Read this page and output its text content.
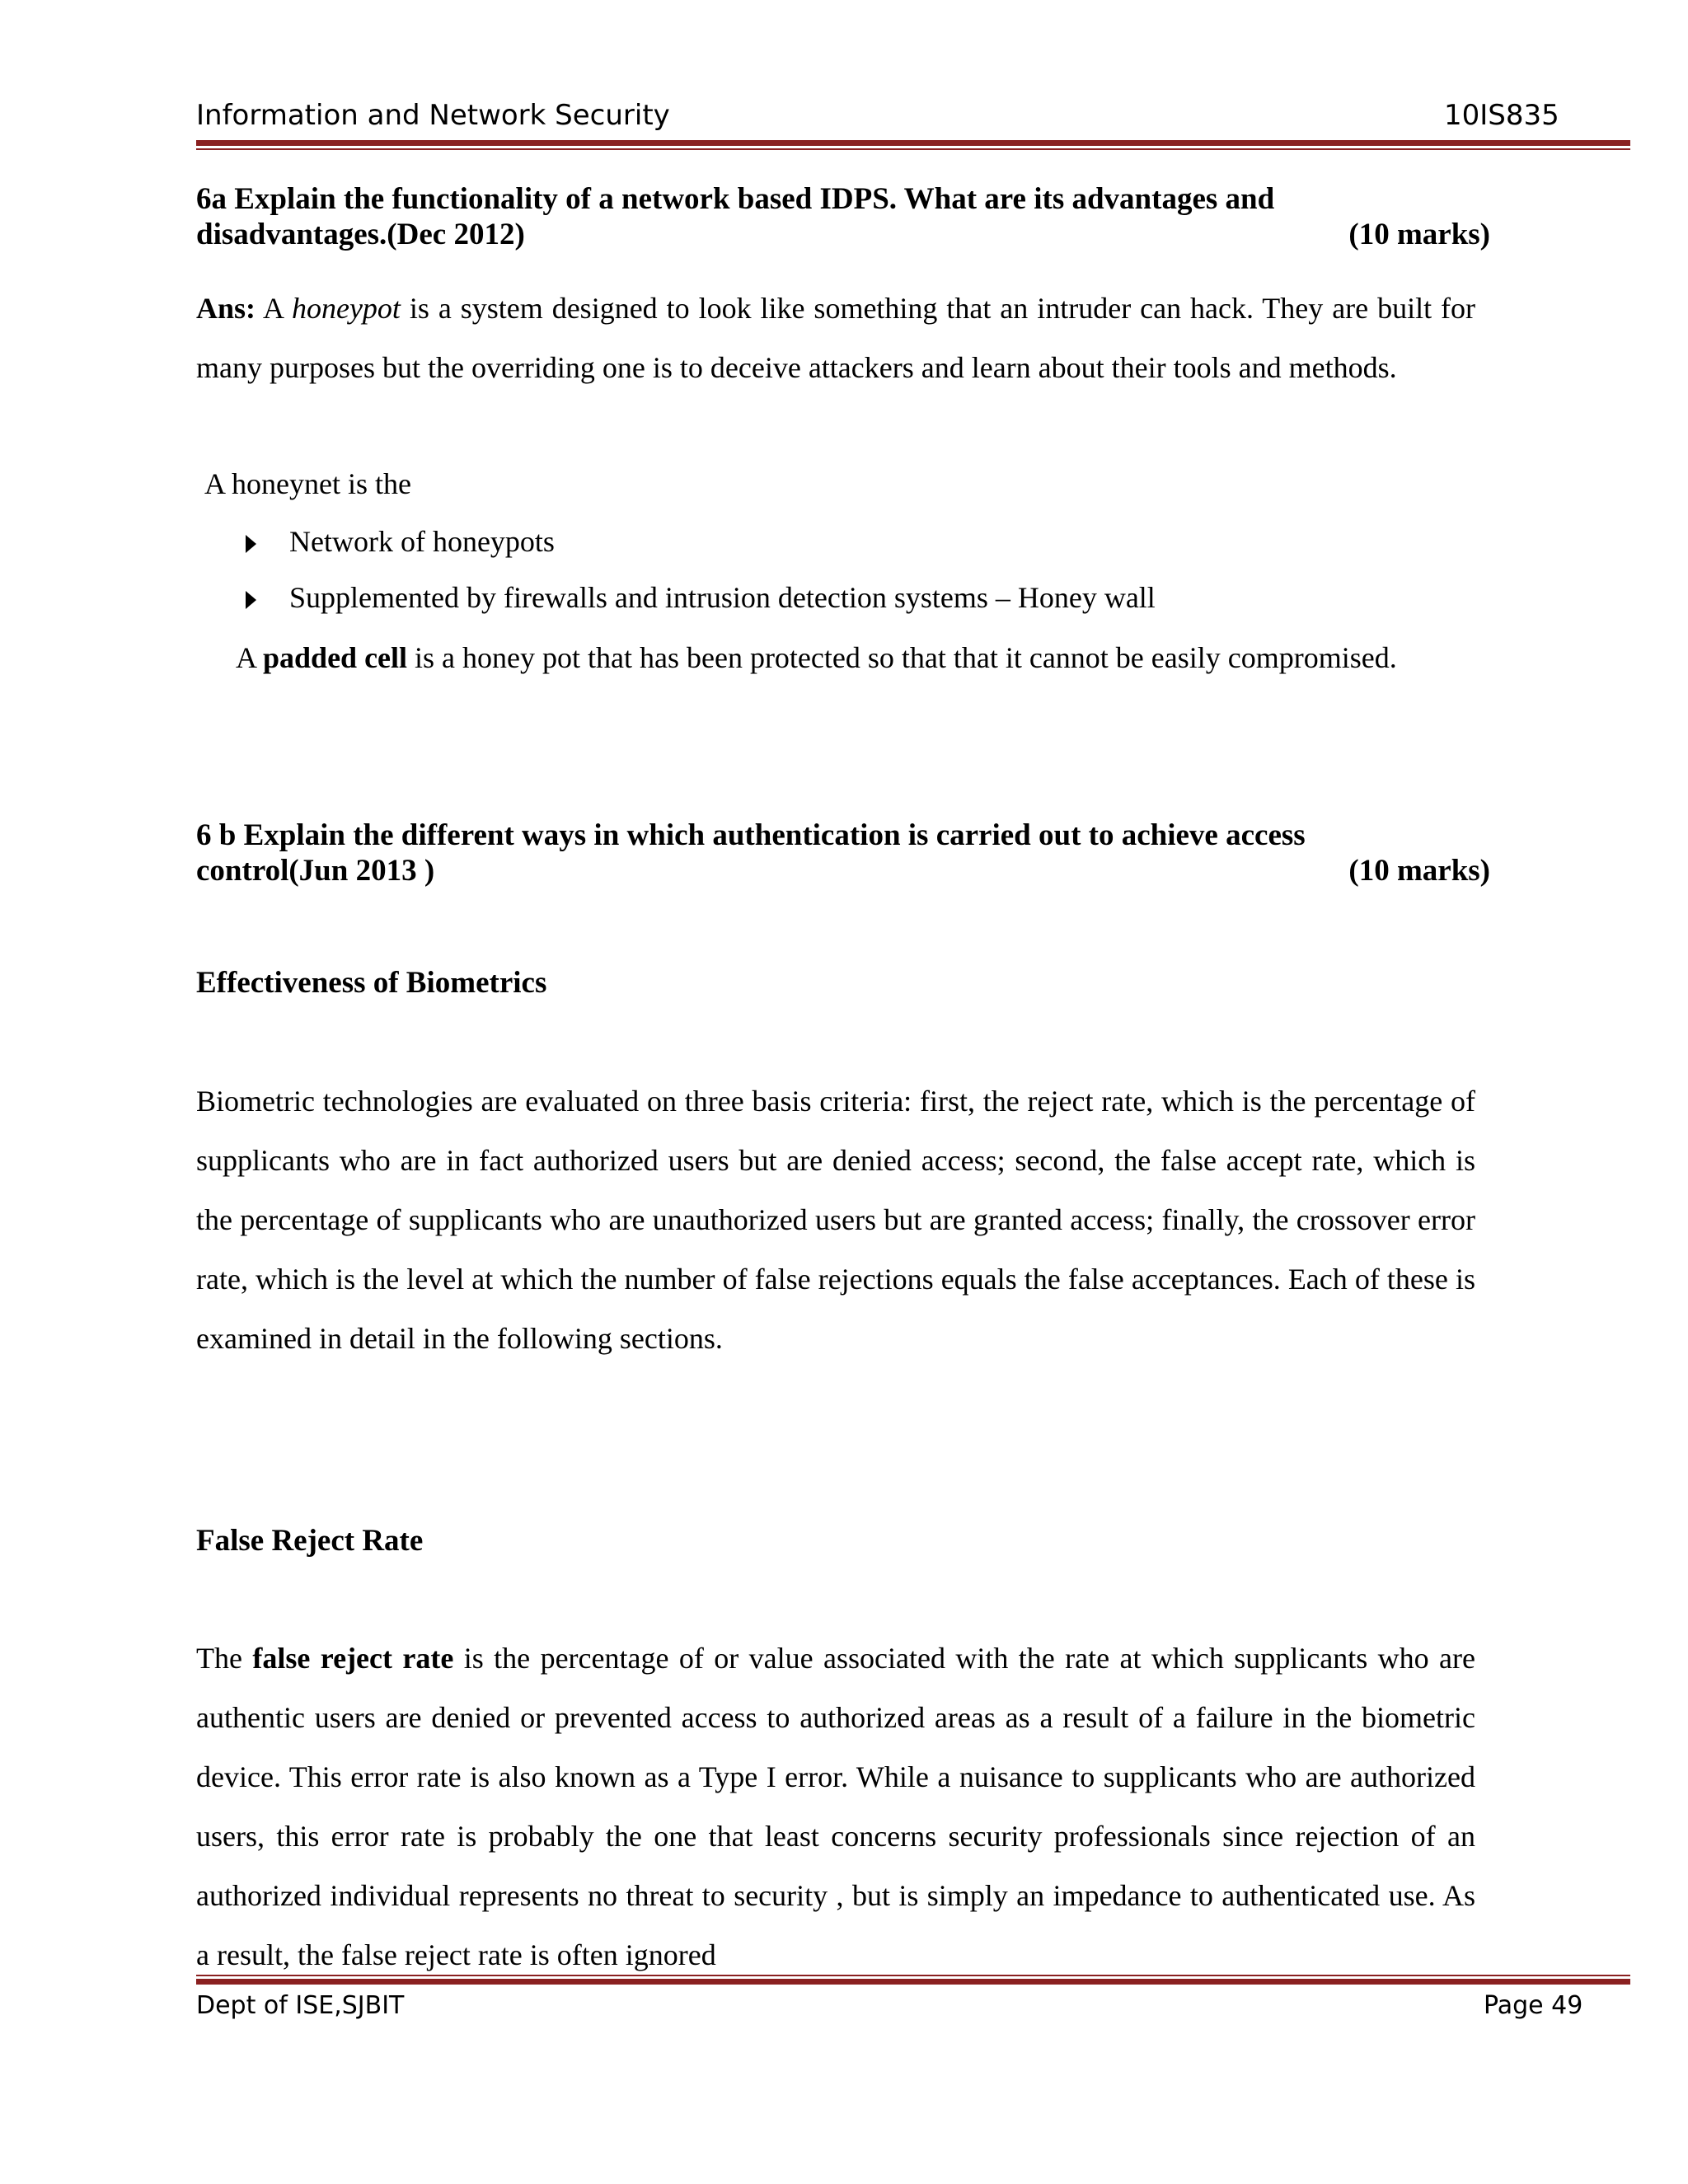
Information and Network Security	10IS835
6a Explain the functionality of a network based IDPS. What are its advantages and
disadvantages.(Dec 2012)	(10 marks)
Ans: A honeypot is a system designed to look like something that an intruder can hack. They are built for many purposes but the overriding one is to deceive attackers and learn about their tools and methods.
A honeynet is the
Network of honeypots
Supplemented by firewalls and intrusion detection systems – Honey wall
A padded cell is a honey pot that has been protected so that that it cannot be easily compromised.
6 b Explain the different ways in which authentication is carried out to achieve access
control(Jun 2013 )	(10 marks)
Effectiveness of Biometrics
Biometric technologies are evaluated on three basis criteria: first, the reject rate, which is the percentage of supplicants who are in fact authorized users but are denied access; second, the false accept rate, which is the percentage of supplicants who are unauthorized users but are granted access; finally, the crossover error rate, which is the level at which the number of false rejections equals the false acceptances. Each of these is examined in detail in the following sections.
False Reject Rate
The false reject rate is the percentage of or value associated with the rate at which supplicants who are authentic users are denied or prevented access to authorized areas as a result of a failure in the biometric device. This error rate is also known as a Type I error. While a nuisance to supplicants who are authorized users, this error rate is probably the one that least concerns security professionals since rejection of an authorized individual represents no threat to security , but is simply an impedance to authenticated use. As a result, the false reject rate is often ignored
Dept of ISE,SJBIT	Page 49
